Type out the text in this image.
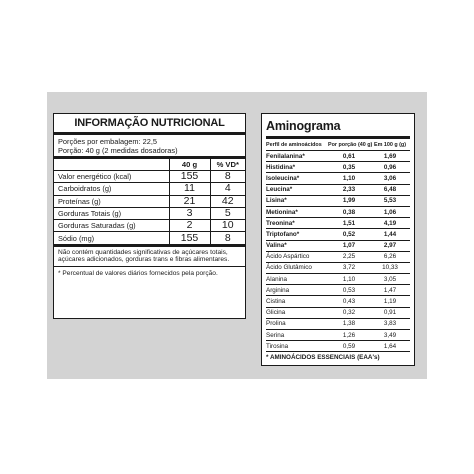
INFORMAÇÃO NUTRICIONAL
Porções por embalagem: 22,5
Porção: 40 g (2 medidas dosadoras)
	40 g	% VD*
Valor energético (kcal)	155	8
Carboidratos (g)	11	4
Proteínas (g)	21	42
Gorduras Totais (g)	3	5
Gorduras Saturadas (g)	2	10
Sódio (mg)	155	8
Não contém quantidades significativas de açúcares totais, açúcares adicionados, gorduras trans e fibras alimentares.
* Percentual de valores diários fornecidos pela porção.
Aminograma
Perfil de aminoácidos	Por porção (40 g)	Em 100 g (g)
Fenilalanina*	0,61	1,69
Histidina*	0,35	0,96
Isoleucina*	1,10	3,06
Leucina*	2,33	6,48
Lisina*	1,99	5,53
Metionina*	0,38	1,06
Treonina*	1,51	4,19
Triptofano*	0,52	1,44
Valina*	1,07	2,97
Ácido Aspártico	2,25	6,26
Ácido Glutâmico	3,72	10,33
Alanina	1,10	3,05
Arginina	0,53	1,47
Cistina	0,43	1,19
Glicina	0,32	0,91
Prolina	1,38	3,83
Serina	1,26	3,49
Tirosina	0,59	1,64
* AMINOÁCIDOS ESSENCIAIS (EAA's)
